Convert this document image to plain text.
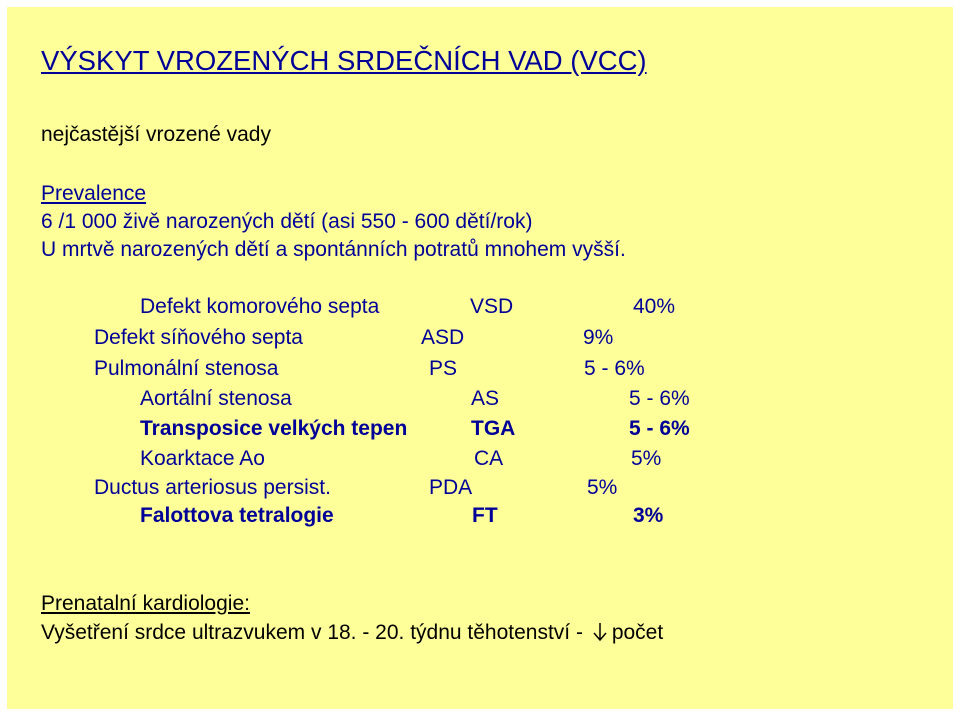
VÝSKYT VROZENÝCH SRDEČNÍCH VAD (VCC)
nejčastější vrozené vady
Prevalence
6 /1 000 živě narozených dětí (asi 550 - 600 dětí/rok)
U mrtvě narozených dětí a spontánních potratů mnohem vyšší.
Defekt komorového septa	VSD	40%
Defekt síňového septa	ASD	9%
Pulmonální stenosa	PS	5 - 6%
Aortální stenosa	AS	5 - 6%
Transposice velkých tepen	TGA	5 - 6%
Koarktace Ao	CA	5%
Ductus arteriosus persist.	PDA	5%
Falottova tetralogie	FT	3%
Prenatalní kardiologie:
Vyšetření srdce ultrazvukem v 18. - 20. týdnu těhotenství - počet
